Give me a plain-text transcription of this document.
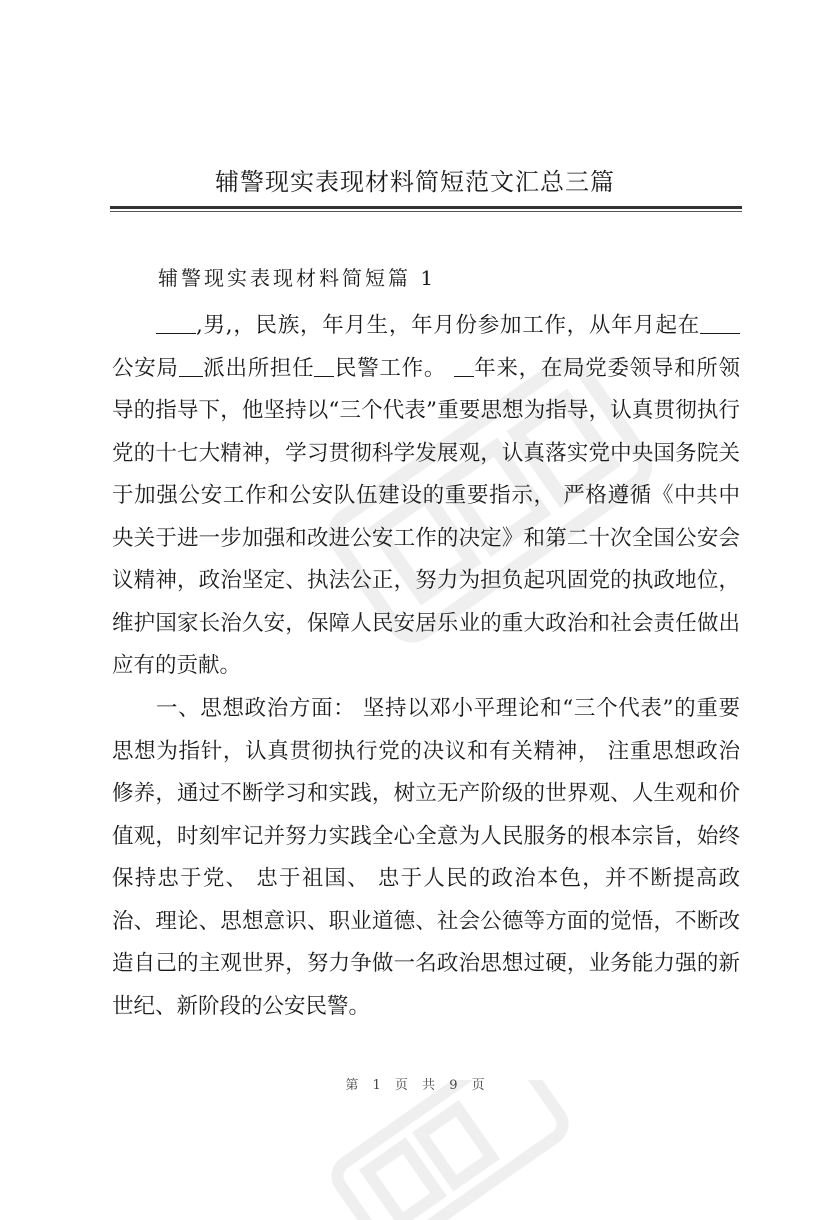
辅警现实表现材料简短范文汇总三篇
辅警现实表现材料简短篇 1
,男,，民族，年月生，年月份参加工作，从年月起在公安局 派出所担任 民警工作。 年来，在局党委领导和所领导的指导下，他坚持以“三个代表”重要思想为指导，认真贯彻执行党的十七大精神，学习贯彻科学发展观，认真落实党中央国务院关于加强公安工作和公安队伍建设的重要指示， 严格遵循《中共中央关于进一步加强和改进公安工作的决定》和第二十次全国公安会议精神，政治坚定、执法公正，努力为担负起巩固党的执政地位，维护国家长治久安，保障人民安居乐业的重大政治和社会责任做出应有的贡献。
一、思想政治方面： 坚持以邓小平理论和“三个代表”的重要思想为指针，认真贯彻执行党的决议和有关精神， 注重思想政治修养，通过不断学习和实践，树立无产阶级的世界观、人生观和价值观，时刻牢记并努力实践全心全意为人民服务的根本宗旨，始终保持忠于党、 忠于祖国、 忠于人民的政治本色，并不断提高政治、理论、思想意识、职业道德、社会公德等方面的觉悟，不断改造自己的主观世界，努力争做一名政治思想过硬，业务能力强的新世纪、新阶段的公安民警。
第 1 页 共 9 页
